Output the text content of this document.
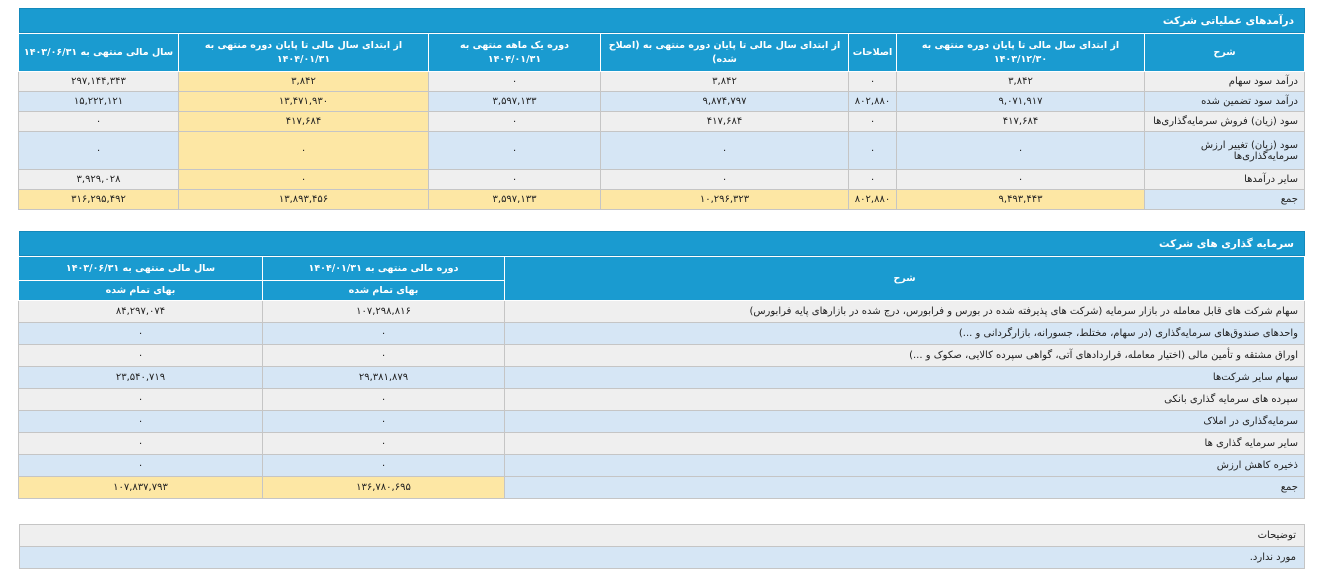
درآمدهای عملیاتی شرکت
شرح	از ابتدای سال مالی تا پایان دوره منتهی به ۱۴۰۳/۱۲/۳۰	اصلاحات	از ابتدای سال مالی تا پایان دوره منتهی به (اصلاح شده)	دوره یک ماهه منتهی به ۱۴۰۴/۰۱/۳۱	از ابتدای سال مالی تا پایان دوره منتهی به ۱۴۰۴/۰۱/۳۱	سال مالی منتهی به ۱۴۰۳/۰۶/۳۱
درآمد سود سهام	۳,۸۴۲	۰	۳,۸۴۲	۰	۳,۸۴۲	۲۹۷,۱۴۴,۳۴۳
درآمد سود تضمین شده	۹,۰۷۱,۹۱۷	۸۰۲,۸۸۰	۹,۸۷۴,۷۹۷	۳,۵۹۷,۱۳۳	۱۳,۴۷۱,۹۳۰	۱۵,۲۲۲,۱۲۱
سود (زیان) فروش سرمایه‌گذاری‌ها	۴۱۷,۶۸۴	۰	۴۱۷,۶۸۴	۰	۴۱۷,۶۸۴	۰
سود (زیان) تغییر ارزش سرمایه‌گذاری‌ها	۰	۰	۰	۰	۰	۰
سایر درآمدها	۰	۰	۰	۰	۰	۳,۹۲۹,۰۲۸
جمع	۹,۴۹۳,۴۴۳	۸۰۲,۸۸۰	۱۰,۲۹۶,۳۲۳	۳,۵۹۷,۱۳۳	۱۳,۸۹۳,۴۵۶	۳۱۶,۲۹۵,۴۹۲
سرمایه گذاری های شرکت
شرح	دوره مالی منتهی به ۱۴۰۴/۰۱/۳۱	سال مالی منتهی به ۱۴۰۳/۰۶/۳۱
	بهای تمام شده	بهای تمام شده
سهام شرکت های قابل معامله در بازار سرمایه (شرکت های پذیرفته شده در بورس و فرابورس، درج شده در بازارهای پایه فرابورس)	۱۰۷,۲۹۸,۸۱۶	۸۴,۲۹۷,۰۷۴
واحدهای صندوق‌های سرمایه‌گذاری (در سهام، مختلط، جسورانه، بازارگردانی و ...)	۰	۰
اوراق مشتقه و تأمین مالی (اختیار معامله، قراردادهای آتی، گواهی سپرده کالایی، صکوک و ...)	۰	۰
سهام سایر شرکت‌ها	۲۹,۳۸۱,۸۷۹	۲۳,۵۴۰,۷۱۹
سپرده های سرمایه گذاری بانکی	۰	۰
سرمایه‌گذاری در املاک	۰	۰
سایر سرمایه گذاری ها	۰	۰
ذخیره کاهش ارزش	۰	۰
جمع	۱۳۶,۷۸۰,۶۹۵	۱۰۷,۸۳۷,۷۹۳
توضیحات
مورد ندارد.
